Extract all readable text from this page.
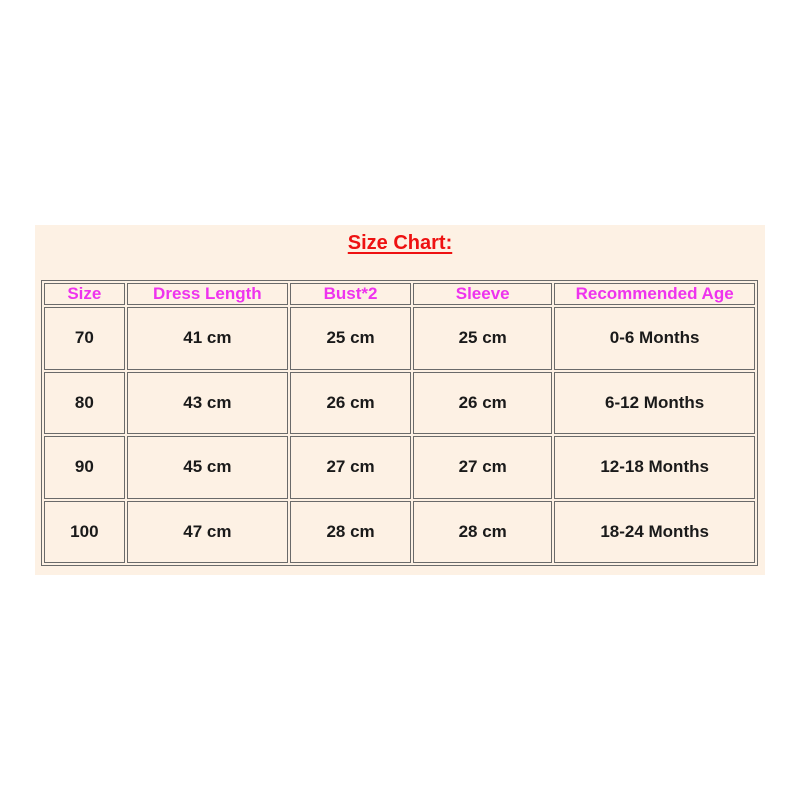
Size Chart:
Size	Dress Length	Bust*2	Sleeve	Recommended Age
70	41 cm	25 cm	25 cm	0-6 Months
80	43 cm	26 cm	26 cm	6-12 Months
90	45 cm	27 cm	27 cm	12-18 Months
100	47 cm	28 cm	28 cm	18-24 Months
